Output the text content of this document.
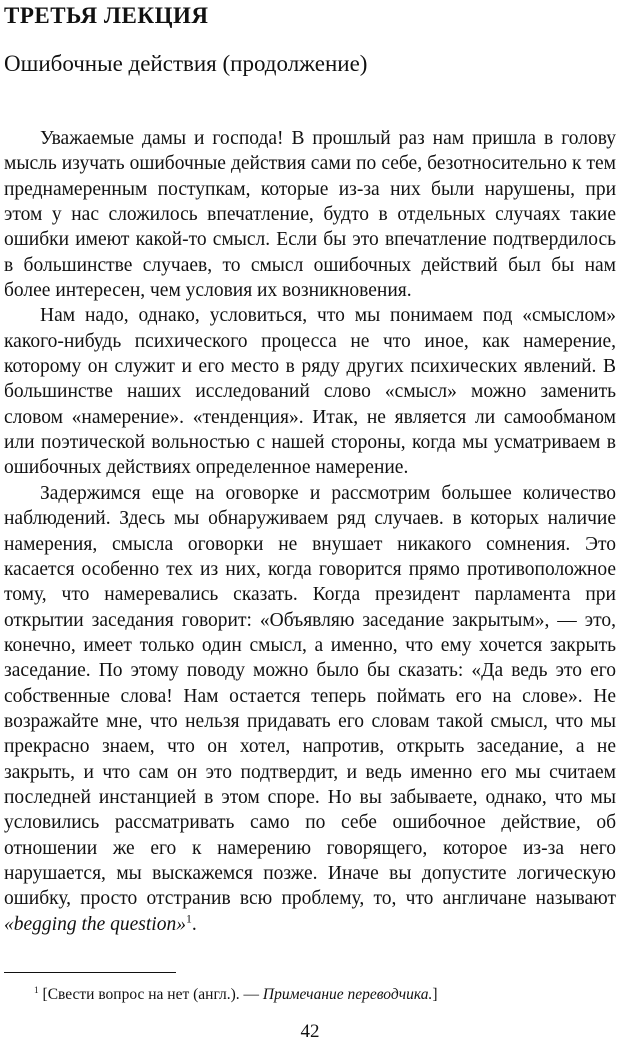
ТРЕТЬЯ ЛЕКЦИЯ
Ошибочные действия (продолжение)

Уважаемые дамы и господа! В прошлый раз нам пришла в голову мысль изучать ошибочные действия сами по себе, безотносительно к тем преднамеренным поступкам, которые из-за них были нарушены, при этом у нас сложилось впечатление, будто в отдельных случаях такие ошибки имеют какой-то смысл. Если бы это впечатление подтвердилось в большинстве случаев, то смысл ошибочных действий был бы нам более интересен, чем условия их возникновения.

Нам надо, однако, условиться, что мы понимаем под «смыслом» какого-нибудь психического процесса не что иное, как намерение, которому он служит и его место в ряду других психических явлений. В большинстве наших исследований слово «смысл» можно заменить словом «намерение». «тенденция». Итак, не является ли самообманом или поэтической вольностью с нашей стороны, когда мы усматриваем в ошибочных действиях определенное намерение.

Задержимся еще на оговорке и рассмотрим большее количество наблюдений. Здесь мы обнаруживаем ряд случаев. в которых наличие намерения, смысла оговорки не внушает никакого сомнения. Это касается особенно тех из них, когда говорится прямо противоположное тому, что намеревались сказать. Когда президент парламента при открытии заседания говорит: «Объявляю заседание закрытым», — это, конечно, имеет только один смысл, а именно, что ему хочется закрыть заседание. По этому поводу можно было бы сказать: «Да ведь это его собственные слова! Нам остается теперь поймать его на слове». Не возражайте мне, что нельзя придавать его словам такой смысл, что мы прекрасно знаем, что он хотел, напротив, открыть заседание, а не закрыть, и что сам он это подтвердит, и ведь именно его мы считаем последней инстанцией в этом споре. Но вы забываете, однако, что мы условились рассматривать само по себе ошибочное действие, об отношении же его к намерению говорящего, которое из-за него нарушается, мы выскажемся позже. Иначе вы допустите логическую ошибку, просто отстранив всю проблему, то, что англичане называют «begging the question»$^1$.

$^1$ [Свести вопрос на нет (англ.). — Примечание переводчика.]

42
